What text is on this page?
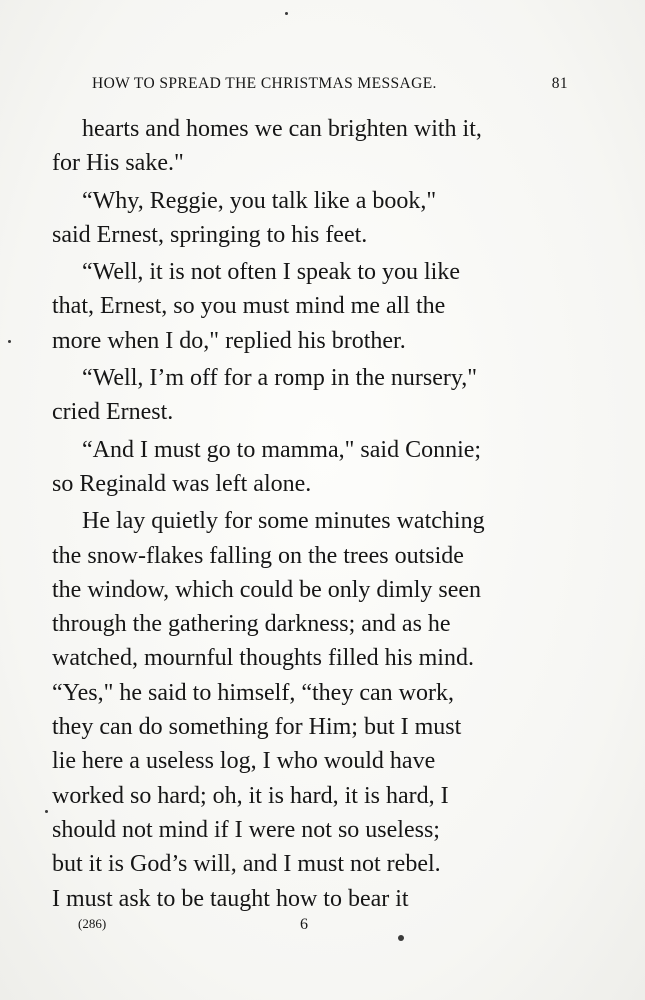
HOW TO SPREAD THE CHRISTMAS MESSAGE.	81

hearts and homes we can brighten with it,
for His sake."

“Why, Reggie, you talk like a book,"
said Ernest, springing to his feet.

“Well, it is not often I speak to you like
that, Ernest, so you must mind me all the
more when I do," replied his brother.

“Well, I’m off for a romp in the nursery,"
cried Ernest.

“And I must go to mamma," said Connie;
so Reginald was left alone.

He lay quietly for some minutes watching
the snow-flakes falling on the trees outside
the window, which could be only dimly seen
through the gathering darkness; and as he
watched, mournful thoughts filled his mind.
“Yes," he said to himself, “they can work,
they can do something for Him; but I must
lie here a useless log, I who would have
worked so hard; oh, it is hard, it is hard, I
should not mind if I were not so useless;
but it is God’s will, and I must not rebel.
I must ask to be taught how to bear it

(286)	6
